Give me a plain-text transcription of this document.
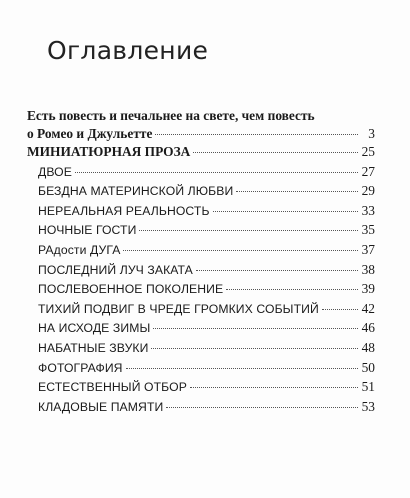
Оглавление
Есть повесть и печальнее на свете, чем повесть
о Ромео и Джульетте	3
МИНИАТЮРНАЯ ПРОЗА	25
ДВОЕ	27
БЕЗДНА МАТЕРИНСКОЙ ЛЮБВИ	29
НЕРЕАЛЬНАЯ РЕАЛЬНОСТЬ	33
НОЧНЫЕ ГОСТИ	35
РАдости ДУГА	37
ПОСЛЕДНИЙ ЛУЧ ЗАКАТА	38
ПОСЛЕВОЕННОЕ ПОКОЛЕНИЕ	39
ТИХИЙ ПОДВИГ В ЧРЕДЕ ГРОМКИХ СОБЫТИЙ	42
НА ИСХОДЕ ЗИМЫ	46
НАБАТНЫЕ ЗВУКИ	48
ФОТОГРАФИЯ	50
ЕСТЕСТВЕННЫЙ ОТБОР	51
КЛАДОВЫЕ ПАМЯТИ	53
